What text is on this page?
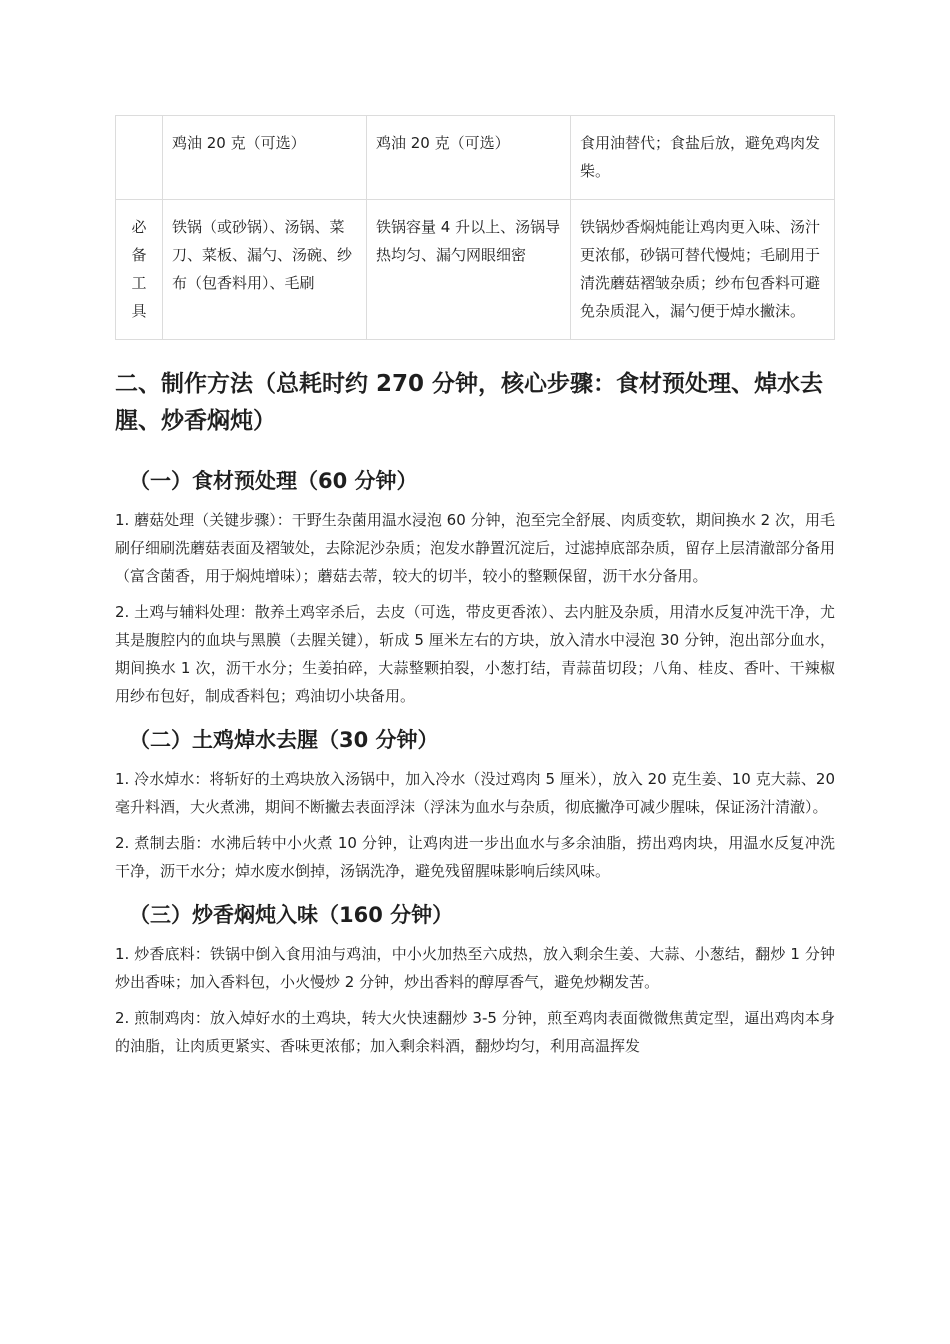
	鸡油 20 克（可选）	鸡油 20 克（可选）	食用油替代；食盐后放，避免鸡肉发柴。
必备工具	铁锅（或砂锅）、汤锅、菜刀、菜板、漏勺、汤碗、纱布（包香料用）、毛刷	铁锅容量 4 升以上、汤锅导热均匀、漏勺网眼细密	铁锅炒香焖炖能让鸡肉更入味、汤汁更浓郁，砂锅可替代慢炖；毛刷用于清洗蘑菇褶皱杂质；纱布包香料可避免杂质混入，漏勺便于焯水撇沫。
二、制作方法（总耗时约 270 分钟，核心步骤：食材预处理、焯水去腥、炒香焖炖）
（一）食材预处理（60 分钟）

1. 蘑菇处理（关键步骤）：干野生杂菌用温水浸泡 60 分钟，泡至完全舒展、肉质变软，期间换水 2 次，用毛刷仔细刷洗蘑菇表面及褶皱处，去除泥沙杂质；泡发水静置沉淀后，过滤掉底部杂质，留存上层清澈部分备用（富含菌香，用于焖炖增味）；蘑菇去蒂，较大的切半，较小的整颗保留，沥干水分备用。

2. 土鸡与辅料处理：散养土鸡宰杀后，去皮（可选，带皮更香浓）、去内脏及杂质，用清水反复冲洗干净，尤其是腹腔内的血块与黑膜（去腥关键），斩成 5 厘米左右的方块，放入清水中浸泡 30 分钟，泡出部分血水，期间换水 1 次，沥干水分；生姜拍碎，大蒜整颗拍裂，小葱打结，青蒜苗切段；八角、桂皮、香叶、干辣椒用纱布包好，制成香料包；鸡油切小块备用。

（二）土鸡焯水去腥（30 分钟）

1. 冷水焯水：将斩好的土鸡块放入汤锅中，加入冷水（没过鸡肉 5 厘米），放入 20 克生姜、10 克大蒜、20 毫升料酒，大火煮沸，期间不断撇去表面浮沫（浮沫为血水与杂质，彻底撇净可减少腥味，保证汤汁清澈）。

2. 煮制去脂：水沸后转中小火煮 10 分钟，让鸡肉进一步出血水与多余油脂，捞出鸡肉块，用温水反复冲洗干净，沥干水分；焯水废水倒掉，汤锅洗净，避免残留腥味影响后续风味。

（三）炒香焖炖入味（160 分钟）

1. 炒香底料：铁锅中倒入食用油与鸡油，中小火加热至六成热，放入剩余生姜、大蒜、小葱结，翻炒 1 分钟炒出香味；加入香料包，小火慢炒 2 分钟，炒出香料的醇厚香气，避免炒糊发苦。

2. 煎制鸡肉：放入焯好水的土鸡块，转大火快速翻炒 3-5 分钟，煎至鸡肉表面微微焦黄定型，逼出鸡肉本身的油脂，让肉质更紧实、香味更浓郁；加入剩余料酒，翻炒均匀，利用高温挥发
